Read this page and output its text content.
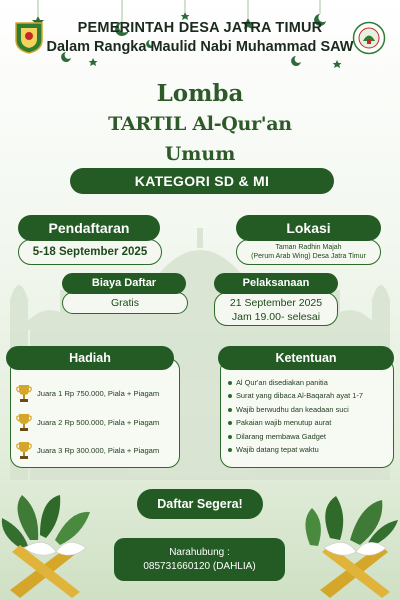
PEMERINTAH DESA JATRA TIMUR
Dalam Rangka Maulid Nabi Muhammad SAW
Lomba
TARTIL Al-Qur'an
Umum
KATEGORI SD & MI
Pendaftaran
5-18 September 2025
Lokasi
Taman Radhin Majah
(Perum Arab Wing) Desa Jatra Timur
Biaya Daftar
Gratis
Pelaksanaan
21 September 2025
Jam 19.00- selesai
Hadiah
Juara 1 Rp 750.000, Piala + Piagam
Juara 2 Rp 500.000, Piala + Piagam
Juara 3 Rp 300.000, Piala + Piagam
Ketentuan
Al Qur'an disediakan panitia
Surat yang dibaca Al-Baqarah ayat 1-7
Wajib berwudhu dan keadaan suci
Pakaian wajib menutup aurat
Dilarang membawa Gadget
Wajib datang tepat waktu
Daftar Segera!
Narahubung :
085731660120 (DAHLIA)
